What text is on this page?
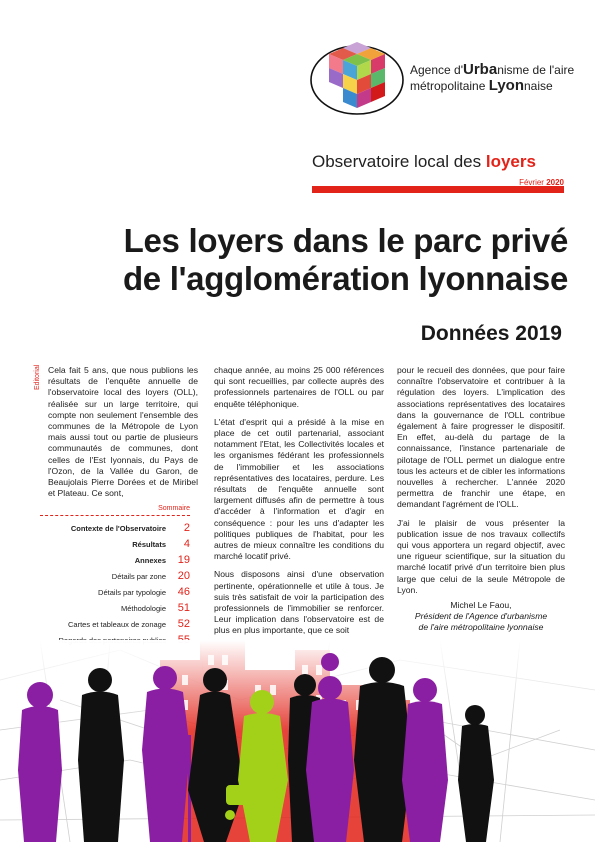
Agence d'Urbanisme de l'aire
métropolitaine Lyonnaise
Observatoire local des loyers
Février 2020
Les loyers dans le parc privé
de l'agglomération lyonnaise
Données 2019
Editorial Cela fait 5 ans, que nous publions les résultats de l'enquête annuelle de l'observatoire local des loyers (OLL), réalisée sur un large territoire, qui compte non seulement l'ensemble des communes de la Métropole de Lyon mais aussi tout ou partie de plusieurs communautés de communes, dont celles de l'Est lyonnais, du Pays de l'Ozon, de la Vallée du Garon, de Beaujolais Pierre Dorées et de Miribel et Plateau. Ce sont,

Sommaire
Contexte de l'Observatoire	2
Résultats	4
Annexes	19
Détails par zone	20
Détails par typologie	46
Méthodologie	51
Cartes et tableaux de zonage	52

chaque année, au moins 25 000 références qui sont recueillies, par collecte auprès des professionnels partenaires de l'OLL ou par enquête téléphonique.

L'état d'esprit qui a présidé à la mise en place de cet outil partenarial, associant notamment l'Etat, les Collectivités locales et les organismes fédérant les professionnels de l'immobilier et les associations représentatives des locataires, perdure. Les résultats de l'enquête annuelle sont largement diffusés afin de permettre à tous d'accéder à l'information et d'agir en conséquence : pour les uns d'adapter les politiques publiques de l'habitat, pour les autres de mieux connaître les conditions du marché locatif privé.

Nous disposons ainsi d'une observation pertinente, opérationnelle et utile à tous. Je suis très satisfait de voir la participation des professionnels de l'immobilier se renforcer. Leur implication dans l'observatoire est de plus en plus importante, que ce soit

pour le recueil des données, que pour faire connaître l'observatoire et contribuer à la régulation des loyers. L'implication des associations représentatives des locataires dans la gouvernance de l'OLL contribue également à faire progresser le dispositif. En effet, au-delà du partage de la connaissance, l'instance partenariale de pilotage de l'OLL permet un dialogue entre tous les acteurs et de cibler les informations nouvelles à rechercher. L'année 2020 permettra de franchir une étape, en demandant l'agrément de l'OLL.

J'ai le plaisir de vous présenter la publication issue de nos travaux collectifs qui vous apportera un regard objectif, avec une rigueur scientifique, sur la situation du marché locatif privé d'un territoire bien plus large que celui de la seule Métropole de Lyon.

Michel Le Faou,
Président de l'Agence d'urbanisme
de l'aire métropolitaine lyonnaise
